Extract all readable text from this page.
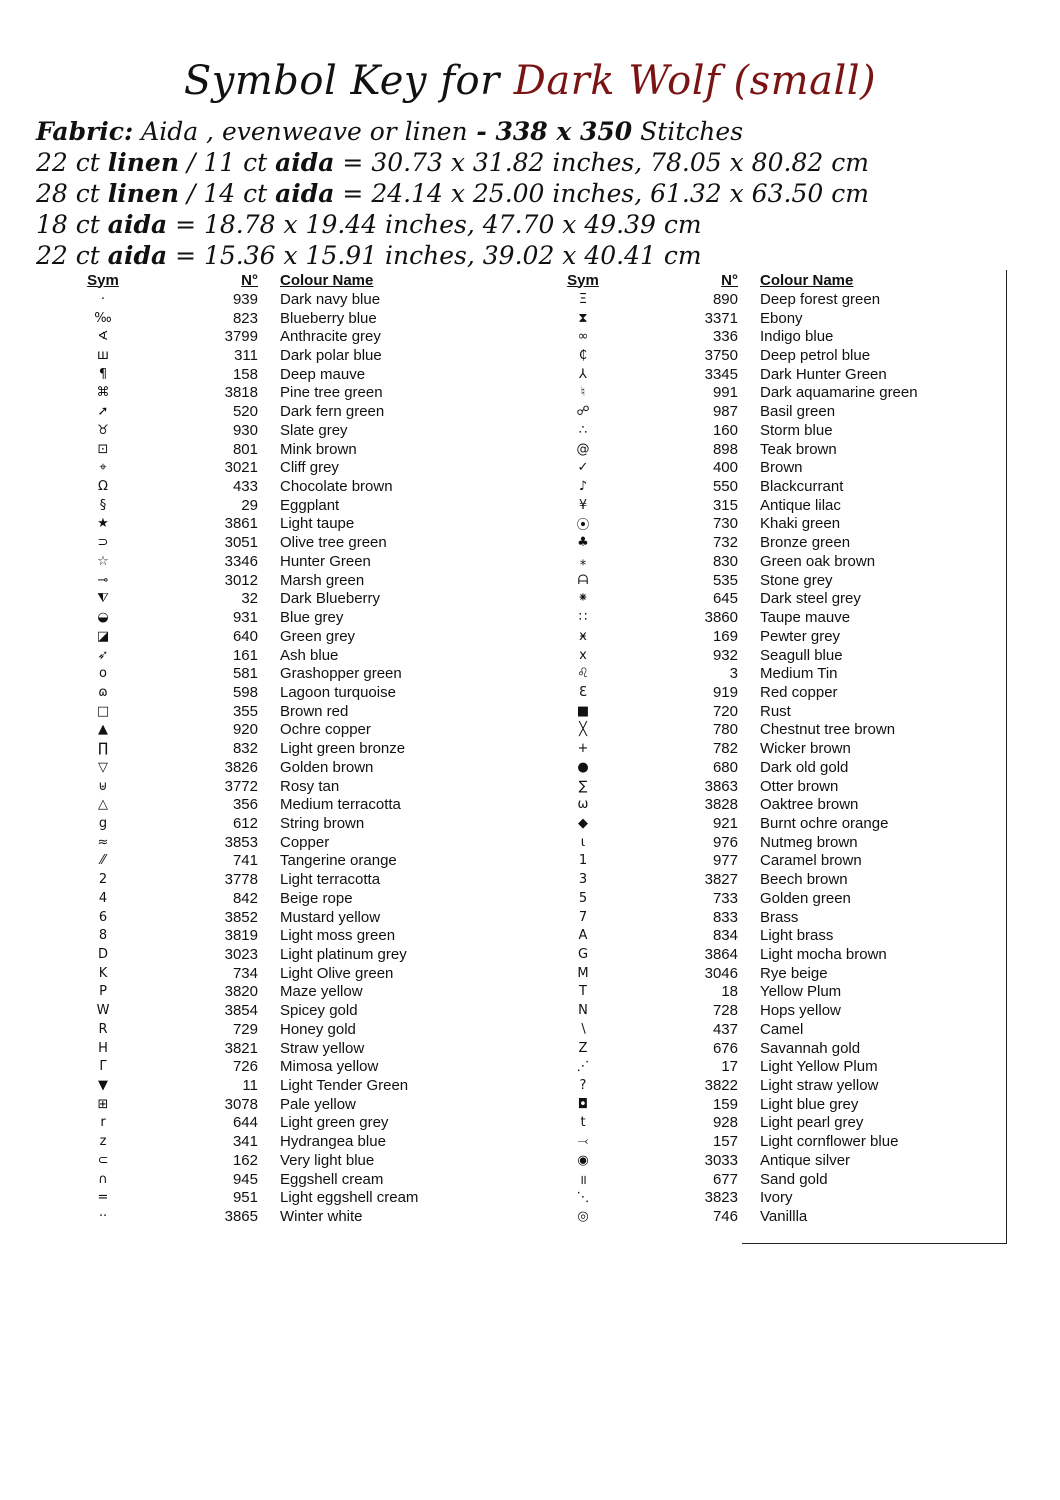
Symbol Key for Dark Wolf (small)
Fabric: Aida , evenweave or linen - 338 x 350 Stitches
22 ct linen / 11 ct aida = 30.73 x 31.82 inches, 78.05 x 80.82 cm
28 ct linen / 14 ct aida = 24.14 x 25.00 inches, 61.32 x 63.50 cm
18 ct aida = 18.78 x 19.44 inches, 47.70 x 49.39 cm
22 ct aida = 15.36 x 15.91 inches, 39.02 x 40.41 cm
Sym	N°	Colour Name
·	939	Dark navy blue
‰	823	Blueberry blue
∢	3799	Anthracite grey
ш	311	Dark polar blue
¶	158	Deep mauve
⌘	3818	Pine tree green
➚	520	Dark fern green
♉	930	Slate grey
⊡	801	Mink brown
⌖	3021	Cliff grey
Ω	433	Chocolate brown
§	29	Eggplant
★	3861	Light taupe
⊃	3051	Olive tree green
☆	3346	Hunter Green
⊸	3012	Marsh green
⧨	32	Dark Blueberry
◒	931	Blue grey
◪	640	Green grey
➶	161	Ash blue
o	581	Grashopper green
ɷ	598	Lagoon turquoise
□	355	Brown red
▲	920	Ochre copper
∏	832	Light green bronze
▽	3826	Golden brown
⊎	3772	Rosy tan
△	356	Medium terracotta
g	612	String brown
≈	3853	Copper
⁄⁄	741	Tangerine orange
2	3778	Light terracotta
4	842	Beige rope
6	3852	Mustard yellow
8	3819	Light moss green
D	3023	Light platinum grey
K	734	Light Olive green
P	3820	Maze yellow
W	3854	Spicey gold
R	729	Honey gold
H	3821	Straw yellow
Γ	726	Mimosa yellow
▼	11	Light Tender Green
⊞	3078	Pale yellow
r	644	Light green grey
z	341	Hydrangea blue
⊂	162	Very light blue
∩	945	Eggshell cream
=	951	Light eggshell cream
··	3865	Winter white
Sym	N°	Colour Name
Ξ	890	Deep forest green
⧗	3371	Ebony
∞	336	Indigo blue
₵	3750	Deep petrol blue
⅄	3345	Dark Hunter Green
♮	991	Dark aquamarine green
☍	987	Basil green
∴	160	Storm blue
@	898	Teak brown
✓	400	Brown
♪	550	Blackcurrant
¥	315	Antique lilac
⦿	730	Khaki green
♣	732	Bronze green
⁎	830	Green oak brown
ᗩ	535	Stone grey
⁕	645	Dark steel grey
∷	3860	Taupe mauve
ӿ	169	Pewter grey
x	932	Seagull blue
♌	3	Medium Tin
Ɛ	919	Red copper
■	720	Rust
╳	780	Chestnut tree brown
+	782	Wicker brown
●	680	Dark old gold
∑	3863	Otter brown
ω	3828	Oaktree brown
◆	921	Burnt ochre orange
ɩ	976	Nutmeg brown
1	977	Caramel brown
3	3827	Beech brown
5	733	Golden green
7	833	Brass
A	834	Light brass
G	3864	Light mocha brown
M	3046	Rye beige
T	18	Yellow Plum
N	728	Hops yellow
∖	437	Camel
Z	676	Savannah gold
⋰	17	Light Yellow Plum
?	3822	Light straw yellow
◘	159	Light blue grey
t	928	Light pearl grey
⤙	157	Light cornflower blue
◉	3033	Antique silver
॥	677	Sand gold
⋱	3823	Ivory
◎	746	Vanillla
